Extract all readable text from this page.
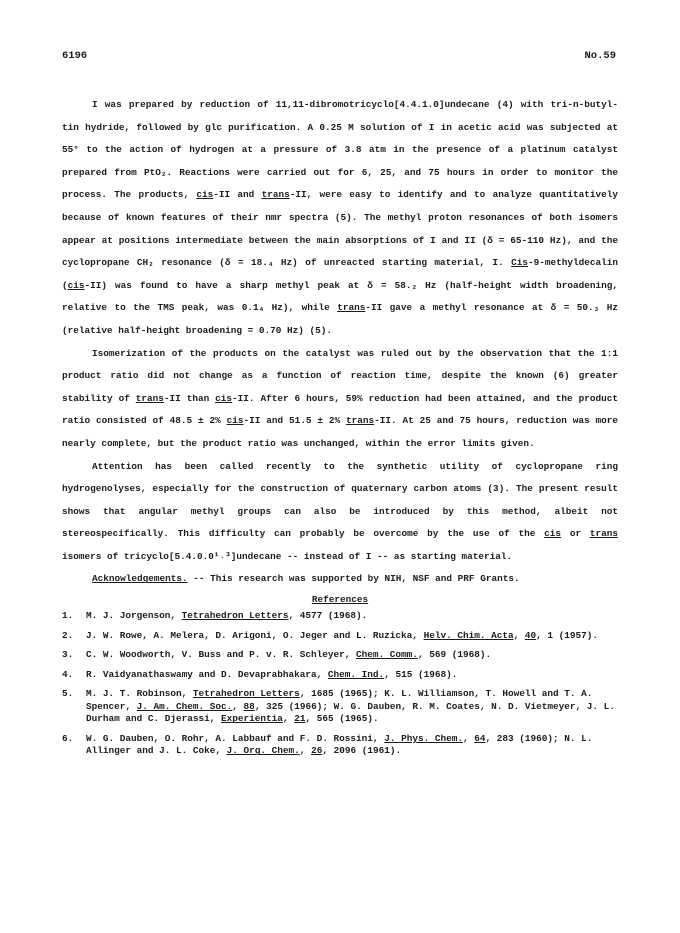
6196	No.59

I was prepared by reduction of 11,11-dibromotricyclo[4.4.1.0]undecane (4) with tri-n-butyl-tin hydride, followed by glc purification. A 0.25 M solution of I in acetic acid was subjected at 55° to the action of hydrogen at a pressure of 3.8 atm in the presence of a platinum catalyst prepared from PtO₂. Reactions were carried out for 6, 25, and 75 hours in order to monitor the process. The products, cis-II and trans-II, were easy to identify and to analyze quantitatively because of known features of their nmr spectra (5). The methyl proton resonances of both isomers appear at positions intermediate between the main absorptions of I and II (δ = 65-110 Hz), and the cyclopropane CH₂ resonance (δ = 18.₄ Hz) of unreacted starting material, I. Cis-9-methyldecalin (cis-II) was found to have a sharp methyl peak at δ = 58.₂ Hz (half-height width broadening, relative to the TMS peak, was 0.1₄ Hz), while trans-II gave a methyl resonance at δ = 50.₃ Hz (relative half-height broadening = 0.70 Hz) (5).

Isomerization of the products on the catalyst was ruled out by the observation that the 1:1 product ratio did not change as a function of reaction time, despite the known (6) greater stability of trans-II than cis-II. After 6 hours, 59% reduction had been attained, and the product ratio consisted of 48.5 ± 2% cis-II and 51.5 ± 2% trans-II. At 25 and 75 hours, reduction was more nearly complete, but the product ratio was unchanged, within the error limits given.

Attention has been called recently to the synthetic utility of cyclopropane ring hydrogenolyses, especially for the construction of quaternary carbon atoms (3). The present result shows that angular methyl groups can also be introduced by this method, albeit not stereospecifically. This difficulty can probably be overcome by the use of the cis or trans isomers of tricyclo[5.4.0.0¹˒³]undecane -- instead of I -- as starting material.

Acknowledgements. -- This research was supported by NIH, NSF and PRF Grants.

References
1.	M. J. Jorgenson, Tetrahedron Letters, 4577 (1968).
2.	J. W. Rowe, A. Melera, D. Arigoni, O. Jeger and L. Ruzicka, Helv. Chim. Acta, 40, 1 (1957).
3.	C. W. Woodworth, V. Buss and P. v. R. Schleyer, Chem. Comm., 569 (1968).
4.	R. Vaidyanathaswamy and D. Devaprabhakara, Chem. Ind., 515 (1968).
5.	M. J. T. Robinson, Tetrahedron Letters, 1685 (1965); K. L. Williamson, T. Howell and T. A. Spencer, J. Am. Chem. Soc., 88, 325 (1966); W. G. Dauben, R. M. Coates, N. D. Vietmeyer, J. L. Durham and C. Djerassi, Experientia, 21, 565 (1965).
6.	W. G. Dauben, O. Rohr, A. Labbauf and F. D. Rossini, J. Phys. Chem., 64, 283 (1960); N. L. Allinger and J. L. Coke, J. Org. Chem., 26, 2096 (1961).
